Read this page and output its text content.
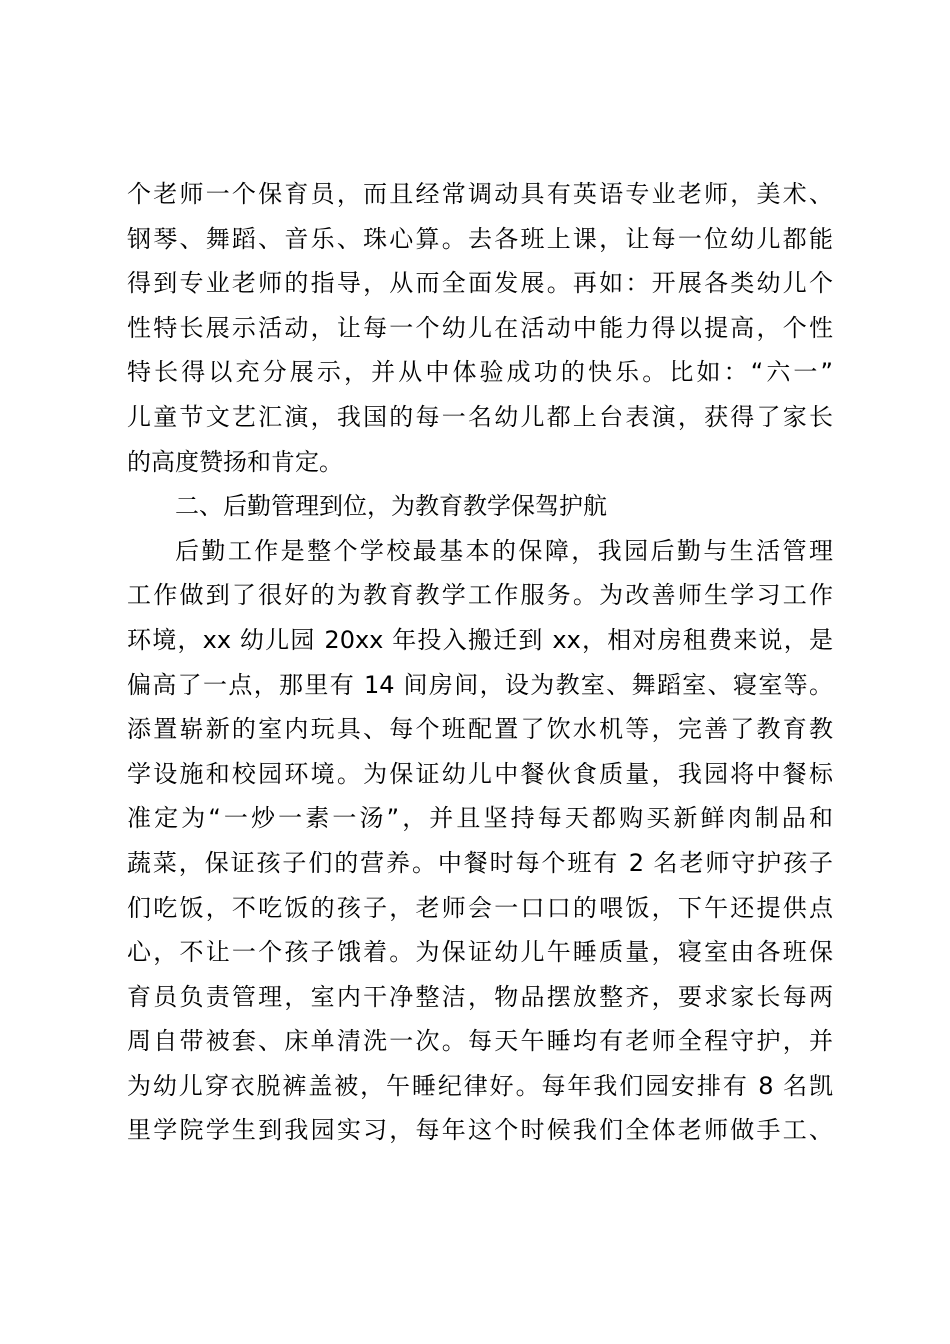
个老师一个保育员，而且经常调动具有英语专业老师，美术、
钢琴、舞蹈、音乐、珠心算。去各班上课，让每一位幼儿都能
得到专业老师的指导，从而全面发展。再如：开展各类幼儿个
性特长展示活动，让每一个幼儿在活动中能力得以提高，个性
特长得以充分展示，并从中体验成功的快乐。比如：“六一”
儿童节文艺汇演，我国的每一名幼儿都上台表演，获得了家长
的高度赞扬和肯定。
二、后勤管理到位，为教育教学保驾护航
后勤工作是整个学校最基本的保障，我园后勤与生活管理
工作做到了很好的为教育教学工作服务。为改善师生学习工作
环境，xx 幼儿园 20xx 年投入搬迁到 xx，相对房租费来说，是
偏高了一点，那里有 14 间房间，设为教室、舞蹈室、寝室等。
添置崭新的室内玩具、每个班配置了饮水机等，完善了教育教
学设施和校园环境。为保证幼儿中餐伙食质量，我园将中餐标
准定为“一炒一素一汤”，并且坚持每天都购买新鲜肉制品和
蔬菜，保证孩子们的营养。中餐时每个班有 2 名老师守护孩子
们吃饭，不吃饭的孩子，老师会一口口的喂饭，下午还提供点
心，不让一个孩子饿着。为保证幼儿午睡质量，寝室由各班保
育员负责管理，室内干净整洁，物品摆放整齐，要求家长每两
周自带被套、床单清洗一次。每天午睡均有老师全程守护，并
为幼儿穿衣脱裤盖被，午睡纪律好。每年我们园安排有 8 名凯
里学院学生到我园实习，每年这个时候我们全体老师做手工、
